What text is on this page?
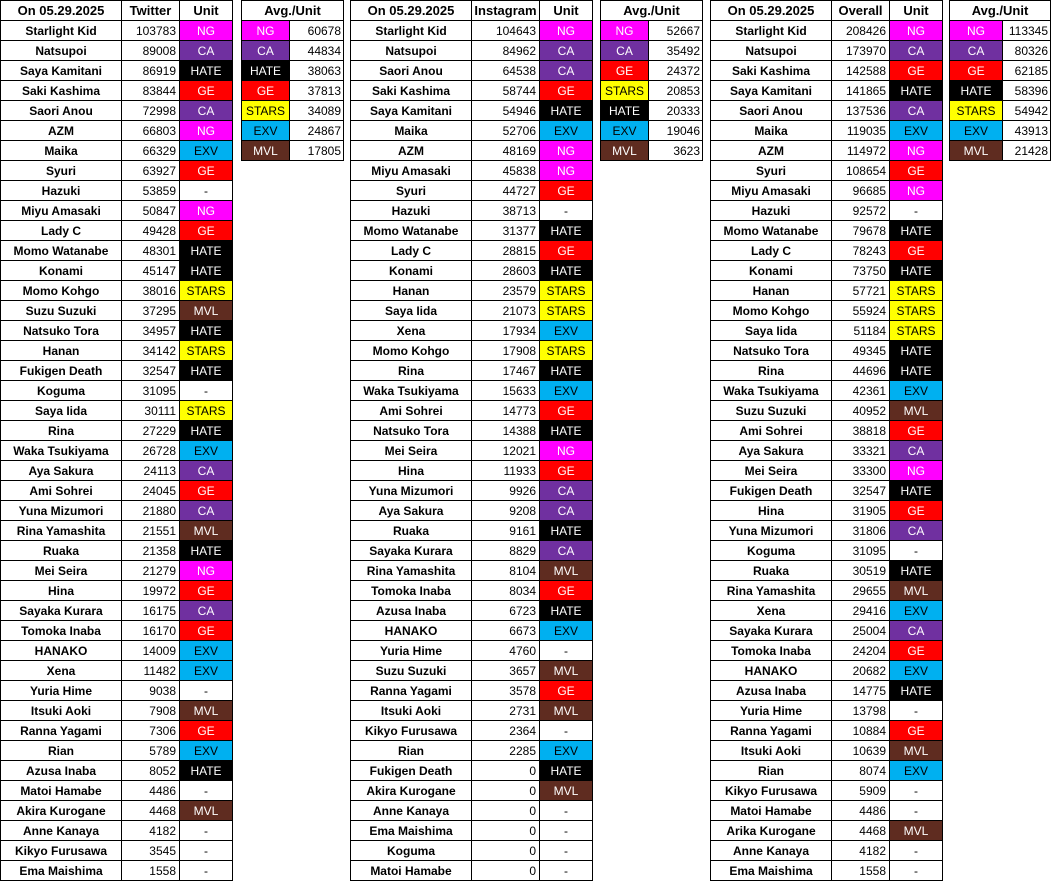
On 05.29.2025	Twitter	Unit
Starlight Kid	103783	NG
Natsupoi	89008	CA
Saya Kamitani	86919	HATE
Saki Kashima	83844	GE
Saori Anou	72998	CA
AZM	66803	NG
Maika	66329	EXV
Syuri	63927	GE
Hazuki	53859	-
Miyu Amasaki	50847	NG
Lady C	49428	GE
Momo Watanabe	48301	HATE
Konami	45147	HATE
Momo Kohgo	38016	STARS
Suzu Suzuki	37295	MVL
Natsuko Tora	34957	HATE
Hanan	34142	STARS
Fukigen Death	32547	HATE
Koguma	31095	-
Saya Iida	30111	STARS
Rina	27229	HATE
Waka Tsukiyama	26728	EXV
Aya Sakura	24113	CA
Ami Sohrei	24045	GE
Yuna Mizumori	21880	CA
Rina Yamashita	21551	MVL
Ruaka	21358	HATE
Mei Seira	21279	NG
Hina	19972	GE
Sayaka Kurara	16175	CA
Tomoka Inaba	16170	GE
HANAKO	14009	EXV
Xena	11482	EXV
Yuria Hime	9038	-
Itsuki Aoki	7908	MVL
Ranna Yagami	7306	GE
Rian	5789	EXV
Azusa Inaba	8052	HATE
Matoi Hamabe	4486	-
Akira Kurogane	4468	MVL
Anne Kanaya	4182	-
Kikyo Furusawa	3545	-
Ema Maishima	1558	-
Avg./Unit	
NG	60678
CA	44834
HATE	38063
GE	37813
STARS	34089
EXV	24867
MVL	17805
On 05.29.2025	Instagram	Unit
Starlight Kid	104643	NG
Natsupoi	84962	CA
Saori Anou	64538	CA
Saki Kashima	58744	GE
Saya Kamitani	54946	HATE
Maika	52706	EXV
AZM	48169	NG
Miyu Amasaki	45838	NG
Syuri	44727	GE
Hazuki	38713	-
Momo Watanabe	31377	HATE
Lady C	28815	GE
Konami	28603	HATE
Hanan	23579	STARS
Saya Iida	21073	STARS
Xena	17934	EXV
Momo Kohgo	17908	STARS
Rina	17467	HATE
Waka Tsukiyama	15633	EXV
Ami Sohrei	14773	GE
Natsuko Tora	14388	HATE
Mei Seira	12021	NG
Hina	11933	GE
Yuna Mizumori	9926	CA
Aya Sakura	9208	CA
Ruaka	9161	HATE
Sayaka Kurara	8829	CA
Rina Yamashita	8104	MVL
Tomoka Inaba	8034	GE
Azusa Inaba	6723	HATE
HANAKO	6673	EXV
Yuria Hime	4760	-
Suzu Suzuki	3657	MVL
Ranna Yagami	3578	GE
Itsuki Aoki	2731	MVL
Kikyo Furusawa	2364	-
Rian	2285	EXV
Fukigen Death	0	HATE
Akira Kurogane	0	MVL
Anne Kanaya	0	-
Ema Maishima	0	-
Koguma	0	-
Matoi Hamabe	0	-
Avg./Unit	
NG	52667
CA	35492
GE	24372
STARS	20853
HATE	20333
EXV	19046
MVL	3623
On 05.29.2025	Overall	Unit
Starlight Kid	208426	NG
Natsupoi	173970	CA
Saki Kashima	142588	GE
Saya Kamitani	141865	HATE
Saori Anou	137536	CA
Maika	119035	EXV
AZM	114972	NG
Syuri	108654	GE
Miyu Amasaki	96685	NG
Hazuki	92572	-
Momo Watanabe	79678	HATE
Lady C	78243	GE
Konami	73750	HATE
Hanan	57721	STARS
Momo Kohgo	55924	STARS
Saya Iida	51184	STARS
Natsuko Tora	49345	HATE
Rina	44696	HATE
Waka Tsukiyama	42361	EXV
Suzu Suzuki	40952	MVL
Ami Sohrei	38818	GE
Aya Sakura	33321	CA
Mei Seira	33300	NG
Fukigen Death	32547	HATE
Hina	31905	GE
Yuna Mizumori	31806	CA
Koguma	31095	-
Ruaka	30519	HATE
Rina Yamashita	29655	MVL
Xena	29416	EXV
Sayaka Kurara	25004	CA
Tomoka Inaba	24204	GE
HANAKO	20682	EXV
Azusa Inaba	14775	HATE
Yuria Hime	13798	-
Ranna Yagami	10884	GE
Itsuki Aoki	10639	MVL
Rian	8074	EXV
Kikyo Furusawa	5909	-
Matoi Hamabe	4486	-
Arika Kurogane	4468	MVL
Anne Kanaya	4182	-
Ema Maishima	1558	-
Avg./Unit	
NG	113345
CA	80326
GE	62185
HATE	58396
STARS	54942
EXV	43913
MVL	21428
